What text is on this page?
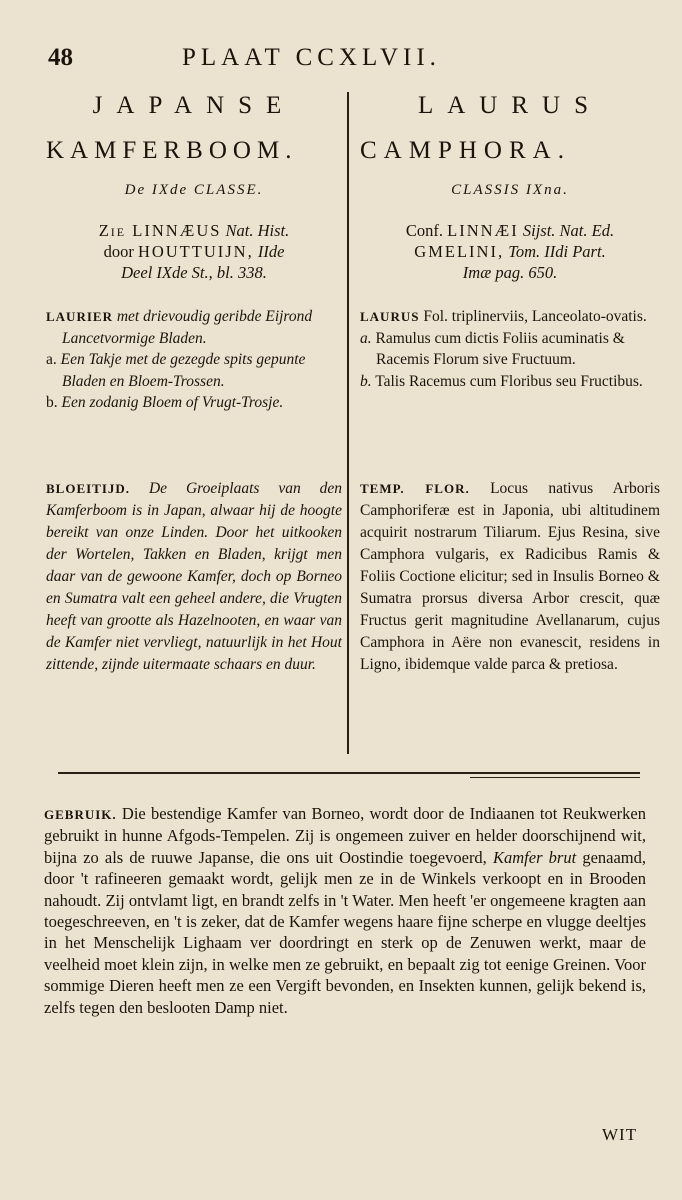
48	PLAAT CCXLVII.
JAPANSE
KAMFERBOOM.
De IXde CLASSE.
Zie LINNÆUS Nat. Hist.
door HOUTTUIJN, IIde
Deel IXde St., bl. 338.

LAURIER met drievoudig geribde Eijrond Lancetvormige Bladen.

a. Een Takje met de gezegde spits gepunte Bladen en Bloem-Trossen.

b. Een zodanig Bloem of Vrugt-Trosje.

BLOEITIJD. De Groeiplaats van den Kamferboom is in Japan, alwaar hij de hoogte bereikt van onze Linden. Door het uitkooken der Wortelen, Takken en Bladen, krijgt men daar van de gewoone Kamfer, doch op Borneo en Sumatra valt een geheel andere, die Vrugten heeft van grootte als Hazelnooten, en waar van de Kamfer niet vervliegt, natuurlijk in het Hout zittende, zijnde uitermaate schaars en duur.
LAURUS
CAMPHORA.
CLASSIS IXna.
Conf. LINNÆI Sijst. Nat. Ed.
GMELINI, Tom. IIdi Part.
Imæ pag. 650.

LAURUS Fol. triplinerviis, Lanceolato-ovatis.

a. Ramulus cum dictis Foliis acuminatis & Racemis Florum sive Fructuum.

b. Talis Racemus cum Floribus seu Fructibus.

TEMP. FLOR. Locus nativus Arboris Camphoriferæ est in Japonia, ubi altitudinem acquirit nostrarum Tiliarum. Ejus Resina, sive Camphora vulgaris, ex Radicibus Ramis & Foliis Coctione elicitur; sed in Insulis Borneo & Sumatra prorsus diversa Arbor crescit, quæ Fructus gerit magnitudine Avellanarum, cujus Camphora in Aëre non evanescit, residens in Ligno, ibidemque valde parca & pretiosa.
GEBRUIK. Die bestendige Kamfer van Borneo, wordt door de Indiaanen tot Reukwerken gebruikt in hunne Afgods-Tempelen. Zij is ongemeen zuiver en helder doorschijnend wit, bijna zo als de ruuwe Japanse, die ons uit Oostindie toegevoerd, Kamfer brut genaamd, door 't rafineeren gemaakt wordt, gelijk men ze in de Winkels verkoopt en in Brooden nahoudt. Zij ontvlamt ligt, en brandt zelfs in 't Water. Men heeft 'er ongemeene kragten aan toegeschreeven, en 't is zeker, dat de Kamfer wegens haare fijne scherpe en vlugge deeltjes in het Menschelijk Lighaam ver doordringt en sterk op de Zenuwen werkt, maar de veelheid moet klein zijn, in welke men ze gebruikt, en bepaalt zig tot eenige Greinen. Voor sommige Dieren heeft men ze een Vergift bevonden, en Insekten kunnen, gelijk bekend is, zelfs tegen den beslooten Damp niet.
WIT
